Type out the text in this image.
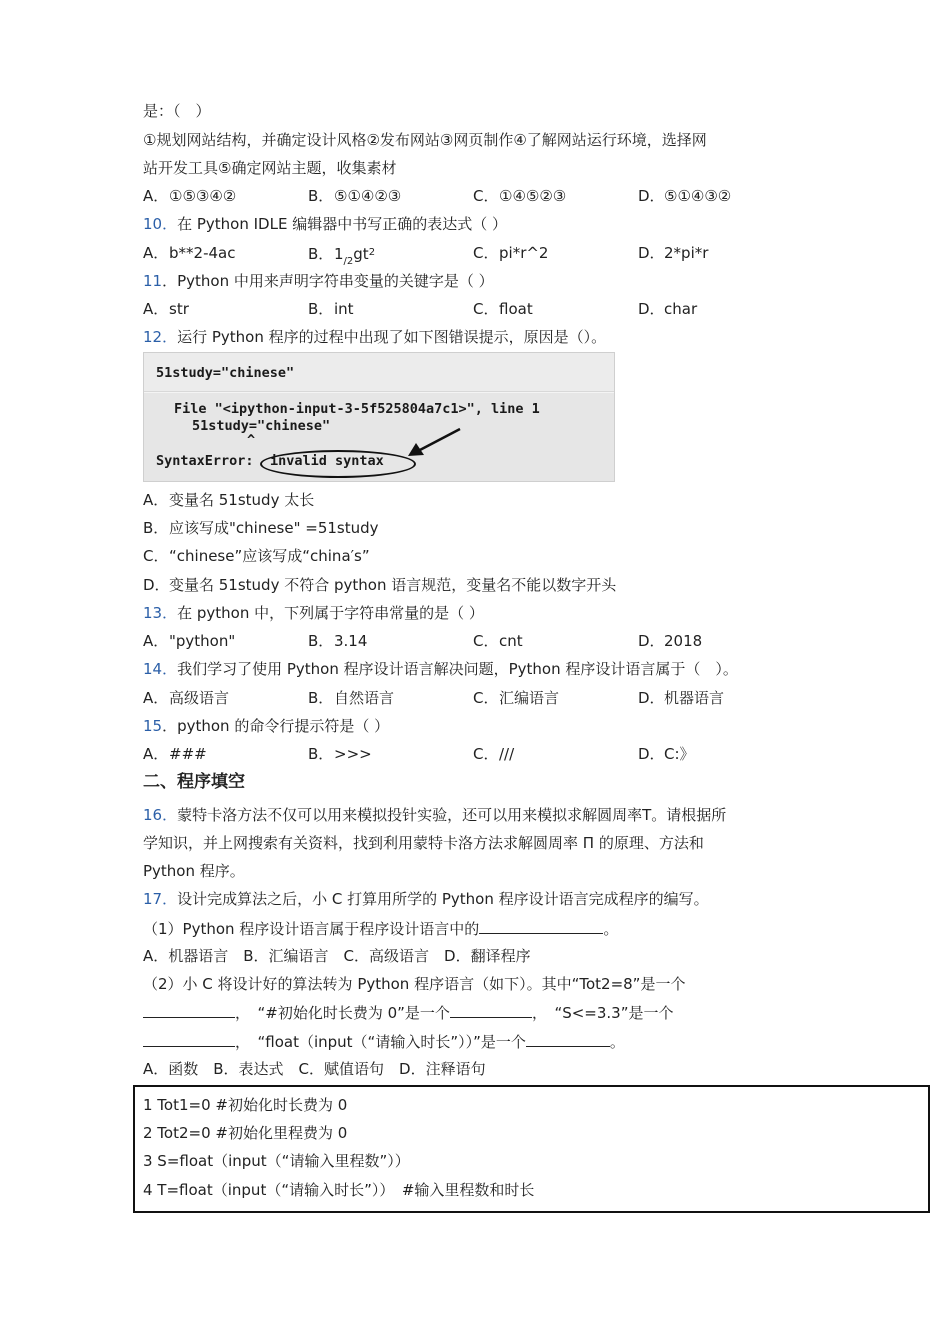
是：（　）
①规划网站结构，并确定设计风格②发布网站③网页制作④了解网站运行环境，选择网
站开发工具⑤确定网站主题，收集素材
A．①⑤③④②	B．⑤①④②③	C．①④⑤②③	D．⑤①④③②
10．在 Python IDLE 编辑器中书写正确的表达式（ ）
A．b**2-4ac	B．$1_{/2}gt^2$	C．pi*r^2	D．2*pi*r
11．Python 中用来声明字符串变量的关键字是（ ）
A．str	B．int	C．float	D．char
12．运行 Python 程序的过程中出现了如下图错误提示，原因是（）。
51study="chinese"
File "<ipython-input-3-5f525804a7c1>", line 1
51study="chinese"
^
SyntaxError: invalid syntax
A．变量名 51study 太长
B．应该写成"chinese" =51study
C．“chinese”应该写成“china′s”
D．变量名 51study 不符合 python 语言规范，变量名不能以数字开头
13．在 python 中，下列属于字符串常量的是（ ）
A．"python"	B．3.14	C．cnt	D．2018
14．我们学习了使用 Python 程序设计语言解决问题，Python 程序设计语言属于（　）。
A．高级语言	B．自然语言	C．汇编语言	D．机器语言
15．python 的命令行提示符是（ ）
A．###	B．>>>	C．///	D．C:》
二、程序填空
16．蒙特卡洛方法不仅可以用来模拟投针实验，还可以用来模拟求解圆周率T。请根据所
学知识，并上网搜索有关资料，找到利用蒙特卡洛方法求解圆周率 Π 的原理、方法和
Python 程序。
17．设计完成算法之后，小 C 打算用所学的 Python 程序设计语言完成程序的编写。
（1）Python 程序设计语言属于程序设计语言中的	。
A．机器语言　B．汇编语言　C．高级语言　D．翻译程序
（2）小 C 将设计好的算法转为 Python 程序语言（如下）。其中“Tot2=8”是一个
，　“#初始化时长费为 0”是一个	，　“S<=3.3”是一个
，　“float（input（“请输入时长”））”是一个	。
A．函数　B．表达式　C．赋值语句　D．注释语句
1 Tot1=0 #初始化时长费为 0
2 Tot2=0 #初始化里程费为 0
3 S=float（input（“请输入里程数”））
4 T=float（input（“请输入时长”））　#输入里程数和时长
